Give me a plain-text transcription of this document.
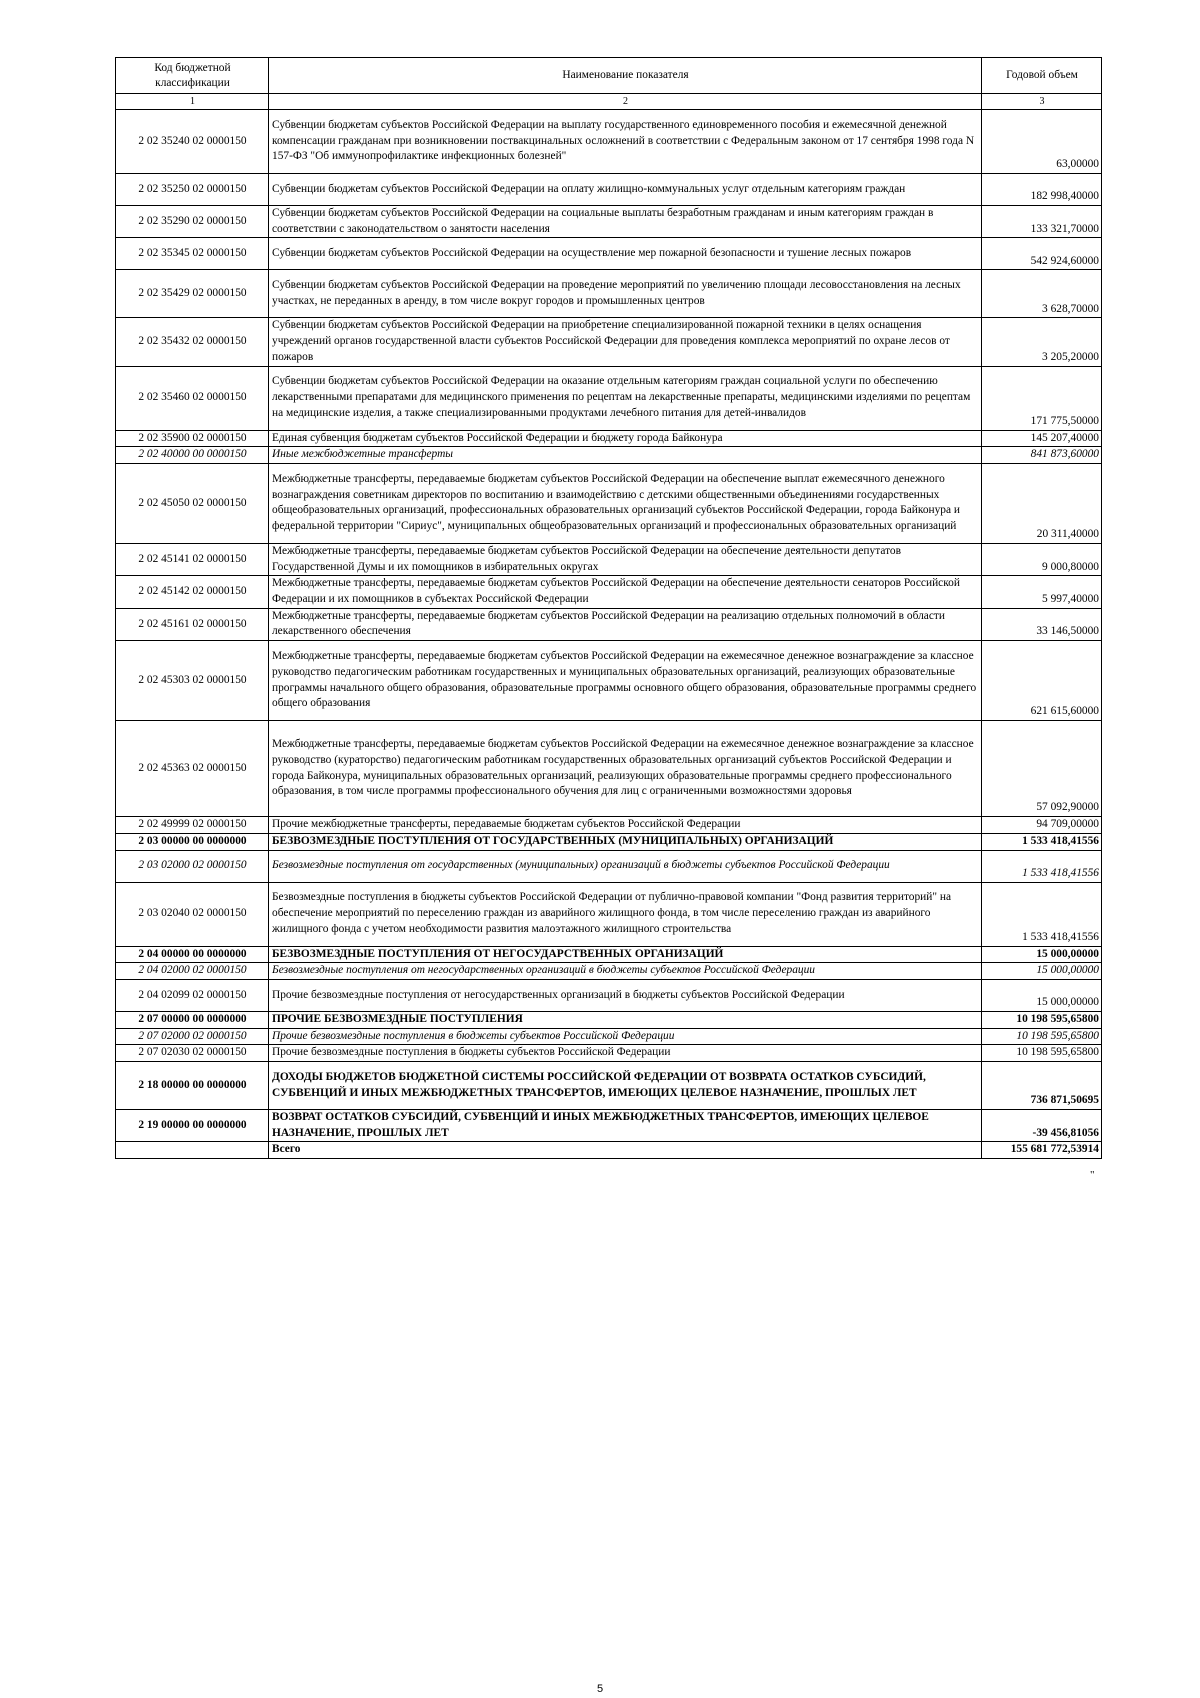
Код бюджетной классификации	Наименование показателя	Годовой объем
1	2	3
2 02 35240 02 0000150	Субвенции бюджетам субъектов Российской Федерации на выплату государственного единовременного пособия и ежемесячной денежной компенсации гражданам при возникновении поствакцинальных осложнений в соответствии с Федеральным законом от 17 сентября 1998 года N 157-ФЗ "Об иммунопрофилактике инфекционных болезней"	63,00000
2 02 35250 02 0000150	Субвенции бюджетам субъектов Российской Федерации на оплату жилищно-коммунальных услуг отдельным категориям граждан	182 998,40000
2 02 35290 02 0000150	Субвенции бюджетам субъектов Российской Федерации на социальные выплаты безработным гражданам и иным категориям граждан в соответствии с законодательством о занятости населения	133 321,70000
2 02 35345 02 0000150	Субвенции бюджетам субъектов Российской Федерации на осуществление мер пожарной безопасности и тушение лесных пожаров	542 924,60000
2 02 35429 02 0000150	Субвенции бюджетам субъектов Российской Федерации на проведение мероприятий по увеличению площади лесовосстановления на лесных участках, не переданных в аренду, в том числе вокруг городов и промышленных центров	3 628,70000
2 02 35432 02 0000150	Субвенции бюджетам субъектов Российской Федерации на приобретение специализированной пожарной техники в целях оснащения учреждений органов государственной власти субъектов Российской Федерации для проведения комплекса мероприятий по охране лесов от пожаров	3 205,20000
2 02 35460 02 0000150	Субвенции бюджетам субъектов Российской Федерации на оказание отдельным категориям граждан социальной услуги по обеспечению лекарственными препаратами для медицинского применения по рецептам на лекарственные препараты, медицинскими изделиями по рецептам на медицинские изделия, а также специализированными продуктами лечебного питания для детей-инвалидов	171 775,50000
2 02 35900 02 0000150	Единая субвенция бюджетам субъектов Российской Федерации и бюджету города Байконура	145 207,40000
2 02 40000 00 0000150	Иные межбюджетные трансферты	841 873,60000
2 02 45050 02 0000150	Межбюджетные трансферты, передаваемые бюджетам субъектов Российской Федерации на обеспечение выплат ежемесячного денежного вознаграждения советникам директоров по воспитанию и взаимодействию с детскими общественными объединениями государственных общеобразовательных организаций, профессиональных образовательных организаций субъектов Российской Федерации, города Байконура и федеральной территории "Сириус", муниципальных общеобразовательных организаций и профессиональных образовательных организаций	20 311,40000
2 02 45141 02 0000150	Межбюджетные трансферты, передаваемые бюджетам субъектов Российской Федерации на обеспечение деятельности депутатов Государственной Думы и их помощников в избирательных округах	9 000,80000
2 02 45142 02 0000150	Межбюджетные трансферты, передаваемые бюджетам субъектов Российской Федерации на обеспечение деятельности сенаторов Российской Федерации и их помощников в субъектах Российской Федерации	5 997,40000
2 02 45161 02 0000150	Межбюджетные трансферты, передаваемые бюджетам субъектов Российской Федерации на реализацию отдельных полномочий в области лекарственного обеспечения	33 146,50000
2 02 45303 02 0000150	Межбюджетные трансферты, передаваемые бюджетам субъектов Российской Федерации на ежемесячное денежное вознаграждение за классное руководство педагогическим работникам государственных и муниципальных образовательных организаций, реализующих образовательные программы начального общего образования, образовательные программы основного общего образования, образовательные программы среднего общего образования	621 615,60000
2 02 45363 02 0000150	Межбюджетные трансферты, передаваемые бюджетам субъектов Российской Федерации на ежемесячное денежное вознаграждение за классное руководство (кураторство) педагогическим работникам государственных образовательных организаций субъектов Российской Федерации и города Байконура, муниципальных образовательных организаций, реализующих образовательные программы среднего профессионального образования, в том числе программы профессионального обучения для лиц с ограниченными возможностями здоровья	57 092,90000
2 02 49999 02 0000150	Прочие межбюджетные трансферты, передаваемые бюджетам субъектов Российской Федерации	94 709,00000
2 03 00000 00 0000000	БЕЗВОЗМЕЗДНЫЕ ПОСТУПЛЕНИЯ ОТ ГОСУДАРСТВЕННЫХ (МУНИЦИПАЛЬНЫХ) ОРГАНИЗАЦИЙ	1 533 418,41556
2 03 02000 02 0000150	Безвозмездные поступления от государственных (муниципальных) организаций в бюджеты субъектов Российской Федерации	1 533 418,41556
2 03 02040 02 0000150	Безвозмездные поступления в бюджеты субъектов Российской Федерации от публично-правовой компании "Фонд развития территорий" на обеспечение мероприятий по переселению граждан из аварийного жилищного фонда, в том числе переселению граждан из аварийного жилищного фонда с учетом необходимости развития малоэтажного жилищного строительства	1 533 418,41556
2 04 00000 00 0000000	БЕЗВОЗМЕЗДНЫЕ ПОСТУПЛЕНИЯ ОТ НЕГОСУДАРСТВЕННЫХ ОРГАНИЗАЦИЙ	15 000,00000
2 04 02000 02 0000150	Безвозмездные поступления от негосударственных организаций в бюджеты субъектов Российской Федерации	15 000,00000
2 04 02099 02 0000150	Прочие безвозмездные поступления от негосударственных организаций в бюджеты субъектов Российской Федерации	15 000,00000
2 07 00000 00 0000000	ПРОЧИЕ БЕЗВОЗМЕЗДНЫЕ ПОСТУПЛЕНИЯ	10 198 595,65800
2 07 02000 02 0000150	Прочие безвозмездные поступления в бюджеты субъектов Российской Федерации	10 198 595,65800
2 07 02030 02 0000150	Прочие безвозмездные поступления в бюджеты субъектов Российской Федерации	10 198 595,65800
2 18 00000 00 0000000	ДОХОДЫ БЮДЖЕТОВ БЮДЖЕТНОЙ СИСТЕМЫ РОССИЙСКОЙ ФЕДЕРАЦИИ ОТ ВОЗВРАТА ОСТАТКОВ СУБСИДИЙ, СУБВЕНЦИЙ И ИНЫХ МЕЖБЮДЖЕТНЫХ ТРАНСФЕРТОВ, ИМЕЮЩИХ ЦЕЛЕВОЕ НАЗНАЧЕНИЕ, ПРОШЛЫХ ЛЕТ	736 871,50695
2 19 00000 00 0000000	ВОЗВРАТ ОСТАТКОВ СУБСИДИЙ, СУБВЕНЦИЙ И ИНЫХ МЕЖБЮДЖЕТНЫХ ТРАНСФЕРТОВ, ИМЕЮЩИХ ЦЕЛЕВОЕ НАЗНАЧЕНИЕ, ПРОШЛЫХ ЛЕТ	-39 456,81056
	Всего	155 681 772,53914
"
5
